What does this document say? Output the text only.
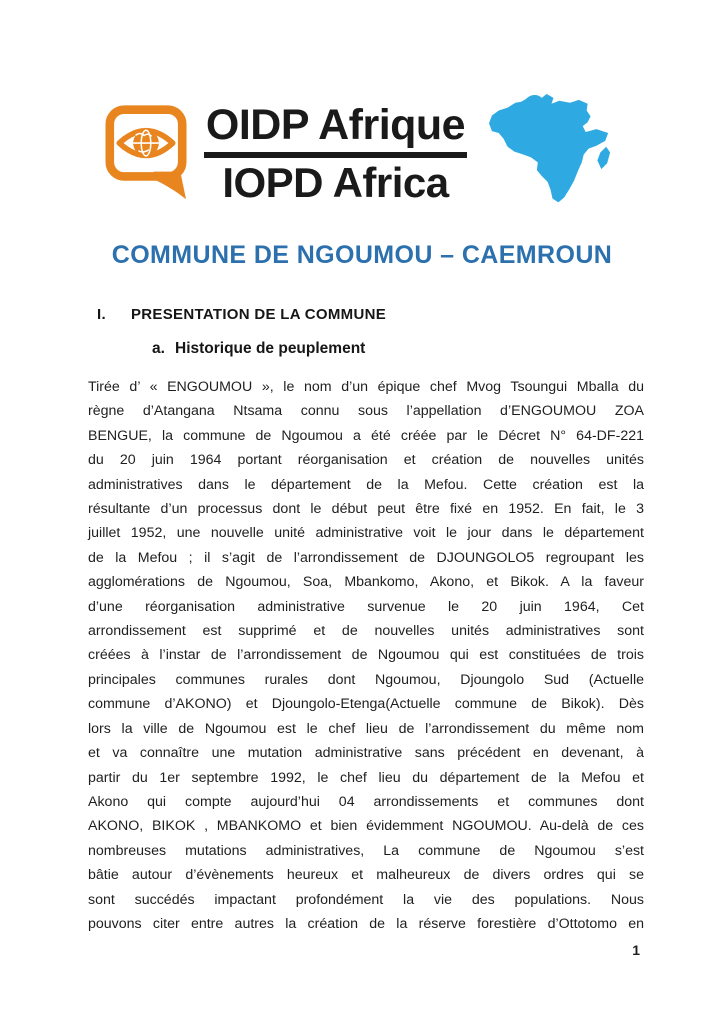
OIDP Afrique
IOPD Africa
COMMUNE DE NGOUMOU – CAEMROUN
I.	PRESENTATION DE LA COMMUNE
a. Historique de peuplement
Tirée d’ « ENGOUMOU », le nom d’un épique chef Mvog Tsoungui Mballa du
règne d’Atangana Ntsama connu sous l’appellation d’ENGOUMOU ZOA
BENGUE, la commune de Ngoumou a été créée par le Décret N° 64-DF-221
du 20 juin 1964 portant réorganisation et création de nouvelles unités
administratives dans le département de la Mefou. Cette création est la
résultante d’un processus dont le début peut être fixé en 1952. En fait, le 3
juillet 1952, une nouvelle unité administrative voit le jour dans le département
de la Mefou ; il s’agit de l’arrondissement de DJOUNGOLO5 regroupant les
agglomérations de Ngoumou, Soa, Mbankomo, Akono, et Bikok. A la faveur
d’une réorganisation administrative survenue le 20 juin 1964, Cet
arrondissement est supprimé et de nouvelles unités administratives sont
créées à l’instar de l’arrondissement de Ngoumou qui est constituées de trois
principales communes rurales dont Ngoumou, Djoungolo Sud (Actuelle
commune d’AKONO) et Djoungolo-Etenga(Actuelle commune de Bikok). Dès
lors la ville de Ngoumou est le chef lieu de l’arrondissement du même nom
et va connaître une mutation administrative sans précédent en devenant, à
partir du 1er septembre 1992, le chef lieu du département de la Mefou et
Akono qui compte aujourd’hui 04 arrondissements et communes dont
AKONO, BIKOK , MBANKOMO et bien évidemment NGOUMOU. Au-delà de ces
nombreuses mutations administratives, La commune de Ngoumou s’est
bâtie autour d’évènements heureux et malheureux de divers ordres qui se
sont succédés impactant profondément la vie des populations. Nous
pouvons citer entre autres la création de la réserve forestière d’Ottotomo en
1
